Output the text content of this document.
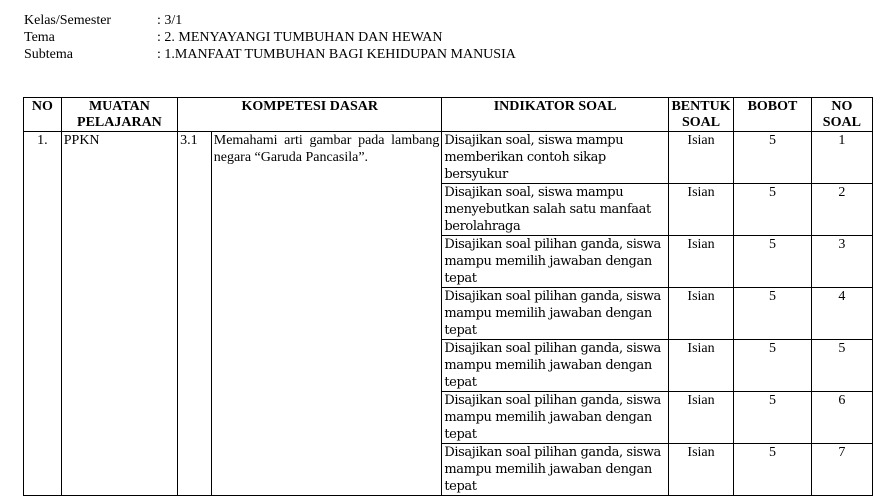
Kelas/Semester	: 3/1
Tema	: 2. MENYAYANGI TUMBUHAN DAN HEWAN
Subtema	: 1.MANFAAT TUMBUHAN BAGI KEHIDUPAN MANUSIA
NO	MUATAN PELAJARAN	KOMPETESI DASAR		INDIKATOR SOAL	BENTUK SOAL	BOBOT	NO SOAL
1.	PPKN	3.1	Memahami arti gambar pada lambang negara “Garuda Pancasila”.	Disajikan soal, siswa mampu memberikan contoh sikap bersyukur	Isian	5	1
				Disajikan soal, siswa mampu menyebutkan salah satu manfaat berolahraga	Isian	5	2
				Disajikan soal pilihan ganda, siswa mampu memilih jawaban dengan tepat	Isian	5	3
				Disajikan soal pilihan ganda, siswa mampu memilih jawaban dengan tepat	Isian	5	4
				Disajikan soal pilihan ganda, siswa mampu memilih jawaban dengan tepat	Isian	5	5
				Disajikan soal pilihan ganda, siswa mampu memilih jawaban dengan tepat	Isian	5	6
				Disajikan soal pilihan ganda, siswa mampu memilih jawaban dengan tepat	Isian	5	7
